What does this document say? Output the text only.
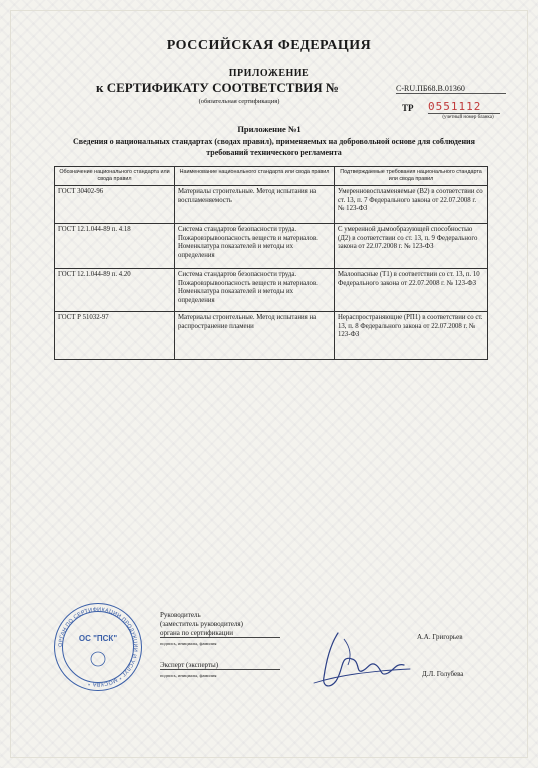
РОССИЙСКАЯ ФЕДЕРАЦИЯ
ПРИЛОЖЕНИЕ
к СЕРТИФИКАТУ СООТВЕТСТВИЯ №	C-RU.ПБ68.В.01360
(обязательная сертификация)
ТР 0551112
(учетный номер бланка)
Приложение №1
Сведения о национальных стандартах (сводах правил), применяемых на добровольной основе для соблюдения требований технического регламента
Обозначение национального стандарта или свода правил	Наименование национального стандарта или свода правил	Подтверждаемые требования национального стандарта или свода правил
ГОСТ 30402-96	Материалы строительные. Метод испытания на воспламеняемость	Умеренновоспламеняемые (В2) в соответствии со ст. 13, п. 7 Федерального закона от 22.07.2008 г. № 123-ФЗ
ГОСТ 12.1.044-89 п. 4.18	Система стандартов безопасности труда. Пожаровзрывоопасность веществ и материалов. Номенклатура показателей и методы их определения	С умеренной дымообразующей способностью (Д2) в соответствии со ст. 13, п. 9 Федерального закона от 22.07.2008 г. № 123-ФЗ
ГОСТ 12.1.044-89 п. 4.20	Система стандартов безопасности труда. Пожаровзрывоопасность веществ и материалов. Номенклатура показателей и методы их определения	Малоопасные (Т1) в соответствии со ст. 13, п. 10 Федерального закона от 22.07.2008 г. № 123-ФЗ
ГОСТ Р 51032-97	Материалы строительные. Метод испытания на распространение пламени	Нераспространяющие (РП1) в соответствии со ст. 13, п. 8 Федерального закона от 22.07.2008 г. № 123-ФЗ
ОРГАН ПО СЕРТИФИКАЦИИ ПРОДУКЦИИ И УСЛУГ * МОСКВА *
ОС "ПСК"
Руководитель
(заместитель руководителя)
органа по сертификации
подпись, инициалы, фамилия
А.А. Григорьев
Эксперт (эксперты)
подпись, инициалы, фамилия	Д.Л. Голубева
